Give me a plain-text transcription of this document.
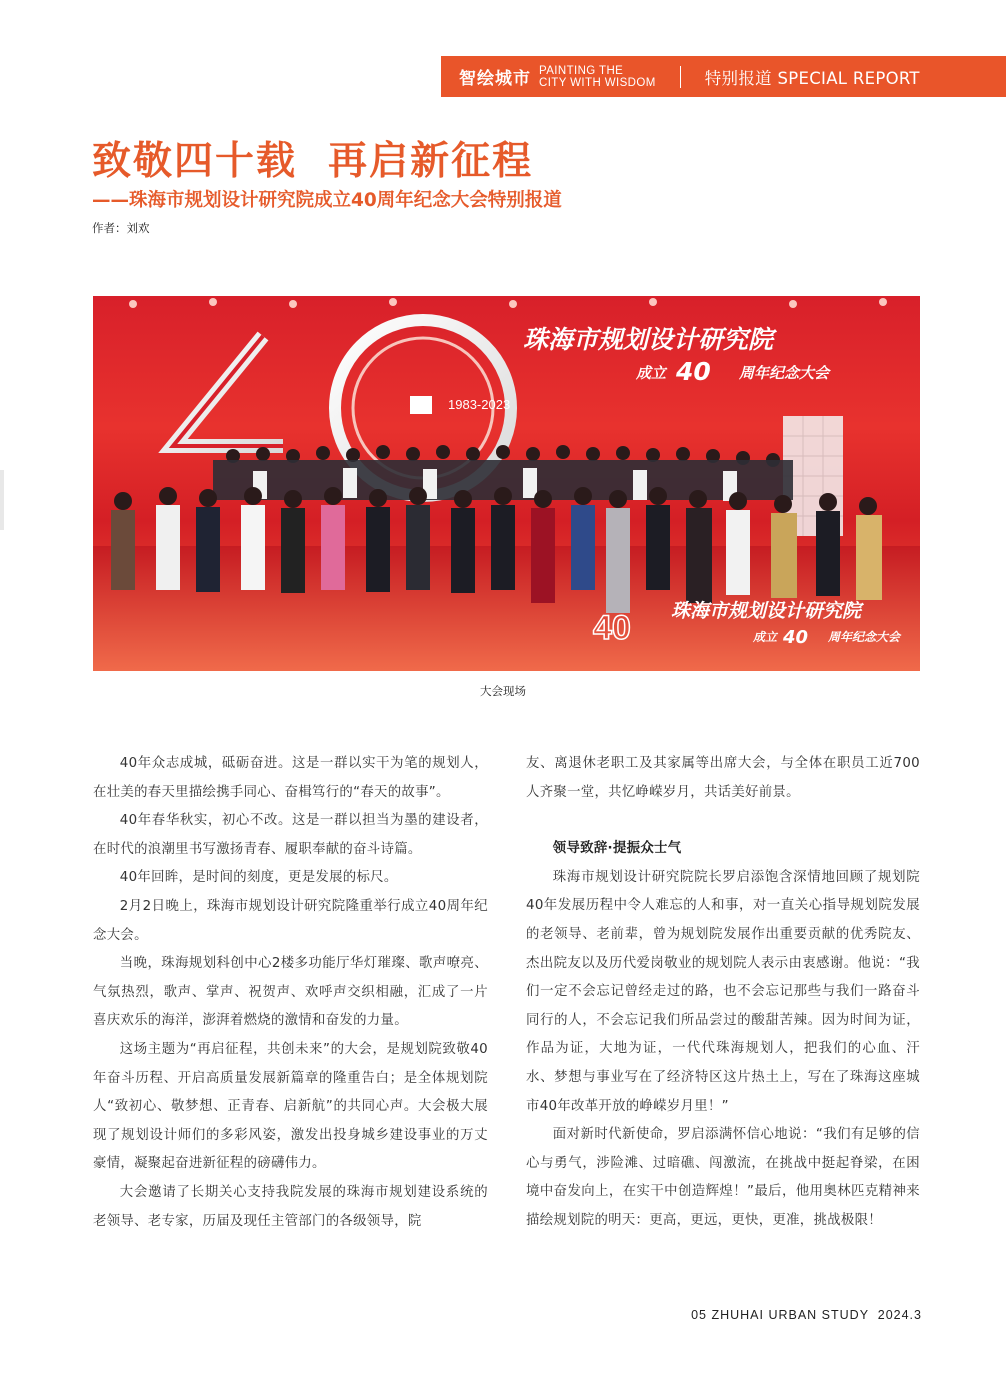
智绘城市 PAINTING THE
CITY WITH WISDOM	特别报道 SPECIAL REPORT
致敬四十载  再启新征程
——珠海市规划设计研究院成立40周年纪念大会特别报道
作者：刘欢
1983-2023
珠海市规划设计研究院
成立 40 周年纪念大会
40 珠海市规划设计研究院
成立 40 周年纪念大会
大会现场

40年众志成城，砥砺奋进。这是一群以实干为笔的规划人，在壮美的春天里描绘携手同心、奋楫笃行的“春天的故事”。

40年春华秋实，初心不改。这是一群以担当为墨的建设者，在时代的浪潮里书写激扬青春、履职奉献的奋斗诗篇。

40年回眸，是时间的刻度，更是发展的标尺。

2月2日晚上，珠海市规划设计研究院隆重举行成立40周年纪念大会。

当晚，珠海规划科创中心2楼多功能厅华灯璀璨、歌声嘹亮、气氛热烈，歌声、掌声、祝贺声、欢呼声交织相融，汇成了一片喜庆欢乐的海洋，澎湃着燃烧的激情和奋发的力量。

这场主题为“再启征程，共创未来”的大会，是规划院致敬40年奋斗历程、开启高质量发展新篇章的隆重告白；是全体规划院人“致初心、敬梦想、正青春、启新航”的共同心声。大会极大展现了规划设计师们的多彩风姿，激发出投身城乡建设事业的万丈豪情，凝聚起奋进新征程的磅礴伟力。

大会邀请了长期关心支持我院发展的珠海市规划建设系统的老领导、老专家，历届及现任主管部门的各级领导，院

友、离退休老职工及其家属等出席大会，与全体在职员工近700人齐聚一堂，共忆峥嵘岁月，共话美好前景。

领导致辞·提振众士气

珠海市规划设计研究院院长罗启添饱含深情地回顾了规划院40年发展历程中令人难忘的人和事，对一直关心指导规划院发展的老领导、老前辈，曾为规划院发展作出重要贡献的优秀院友、杰出院友以及历代爱岗敬业的规划院人表示由衷感谢。他说：“我们一定不会忘记曾经走过的路，也不会忘记那些与我们一路奋斗同行的人，不会忘记我们所品尝过的酸甜苦辣。因为时间为证，作品为证，大地为证，一代代珠海规划人，把我们的心血、汗水、梦想与事业写在了经济特区这片热土上，写在了珠海这座城市40年改革开放的峥嵘岁月里！”

面对新时代新使命，罗启添满怀信心地说：“我们有足够的信心与勇气，涉险滩、过暗礁、闯激流，在挑战中挺起脊梁，在困境中奋发向上，在实干中创造辉煌！”最后，他用奥林匹克精神来描绘规划院的明天：更高，更远，更快，更准，挑战极限！

05 ZHUHAI URBAN STUDY  2024.3
